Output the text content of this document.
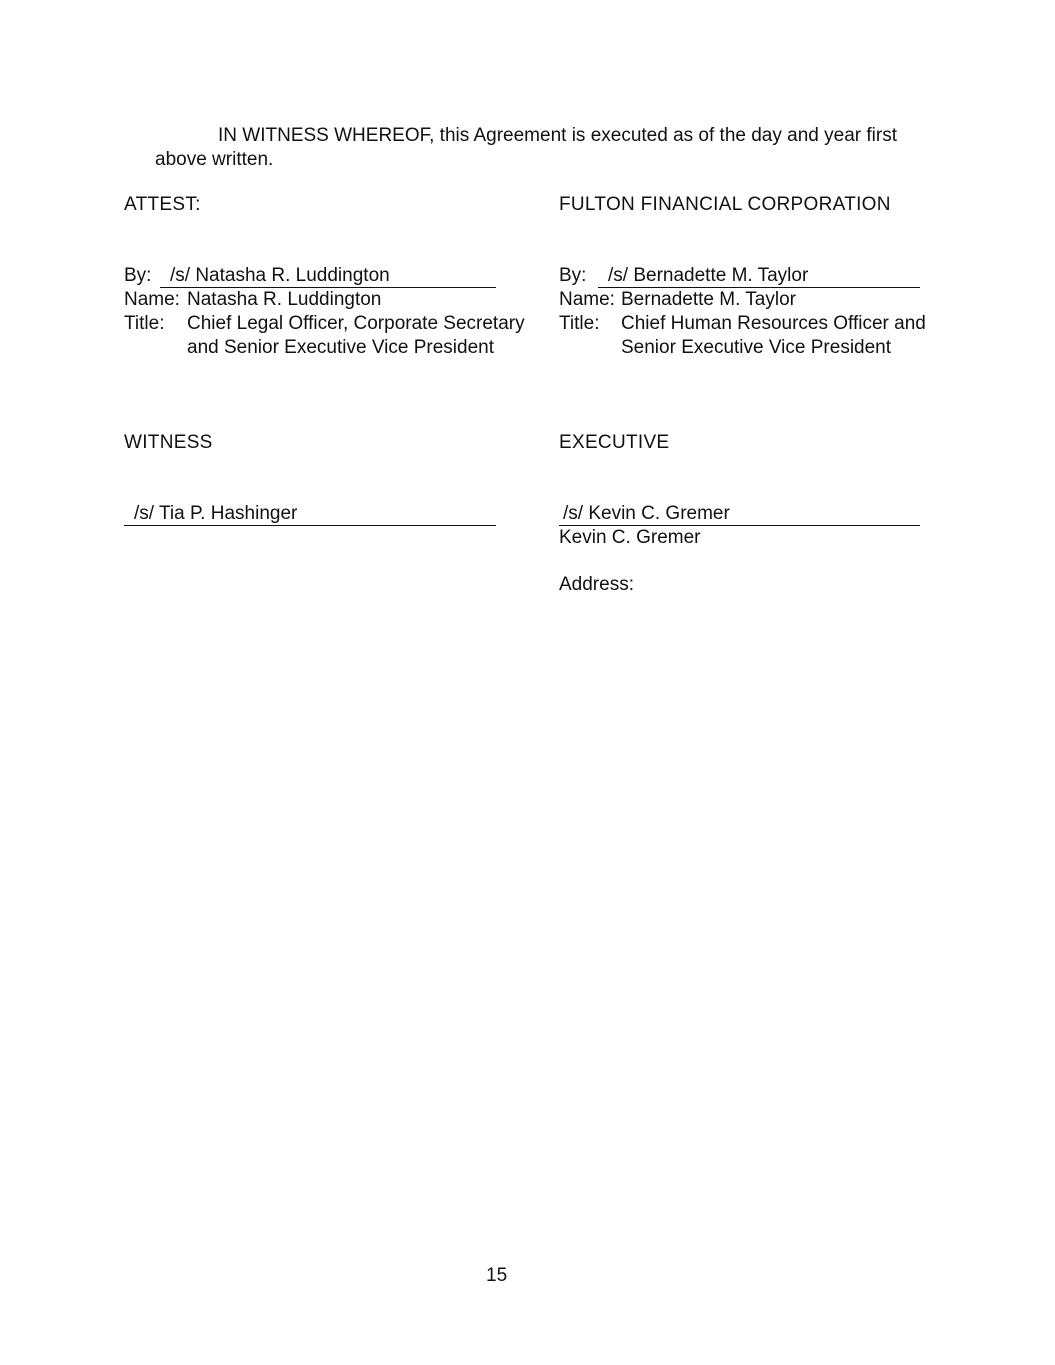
IN WITNESS WHEREOF, this Agreement is executed as of the day and year first
above written.
ATTEST:
By: /s/ Natasha R. Luddington
Name: Natasha R. Luddington
Title: Chief Legal Officer, Corporate Secretary
and Senior Executive Vice President
FULTON FINANCIAL CORPORATION
By:	/s/ Bernadette M. Taylor
Name: Bernadette M. Taylor
Title: Chief Human Resources Officer and
Senior Executive Vice President
WITNESS
/s/ Tia P. Hashinger
EXECUTIVE
/s/ Kevin C. Gremer
Kevin C. Gremer
Address:
15
